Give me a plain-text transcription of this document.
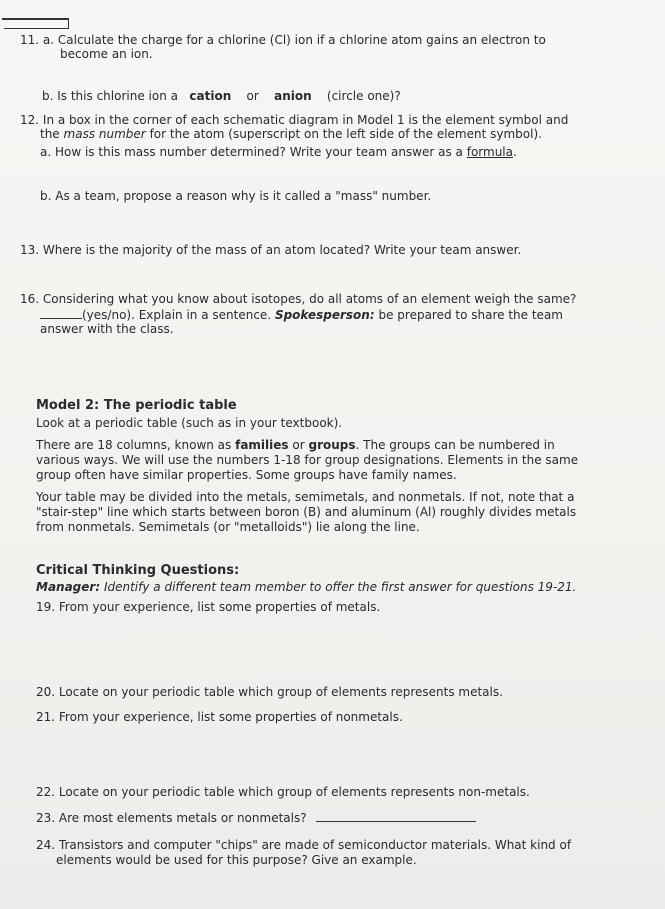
11. a. Calculate the charge for a chlorine (Cl) ion if a chlorine atom gains an electron to
become an ion.
b. Is this chlorine ion a cation or anion (circle one)?
12. In a box in the corner of each schematic diagram in Model 1 is the element symbol and
the mass number for the atom (superscript on the left side of the element symbol).
a. How is this mass number determined? Write your team answer as a formula.
b. As a team, propose a reason why is it called a "mass" number.
13. Where is the majority of the mass of an atom located? Write your team answer.
16. Considering what you know about isotopes, do all atoms of an element weigh the same?
(yes/no). Explain in a sentence. Spokesperson: be prepared to share the team
answer with the class.
Model 2: The periodic table
Look at a periodic table (such as in your textbook).
There are 18 columns, known as families or groups. The groups can be numbered in
various ways. We will use the numbers 1-18 for group designations. Elements in the same
group often have similar properties. Some groups have family names.
Your table may be divided into the metals, semimetals, and nonmetals. If not, note that a
"stair-step" line which starts between boron (B) and aluminum (Al) roughly divides metals
from nonmetals. Semimetals (or "metalloids") lie along the line.
Critical Thinking Questions:
Manager: Identify a different team member to offer the first answer for questions 19-21.
19. From your experience, list some properties of metals.
20. Locate on your periodic table which group of elements represents metals.
21. From your experience, list some properties of nonmetals.
22. Locate on your periodic table which group of elements represents non-metals.
23. Are most elements metals or nonmetals?
24. Transistors and computer "chips" are made of semiconductor materials. What kind of
elements would be used for this purpose? Give an example.
